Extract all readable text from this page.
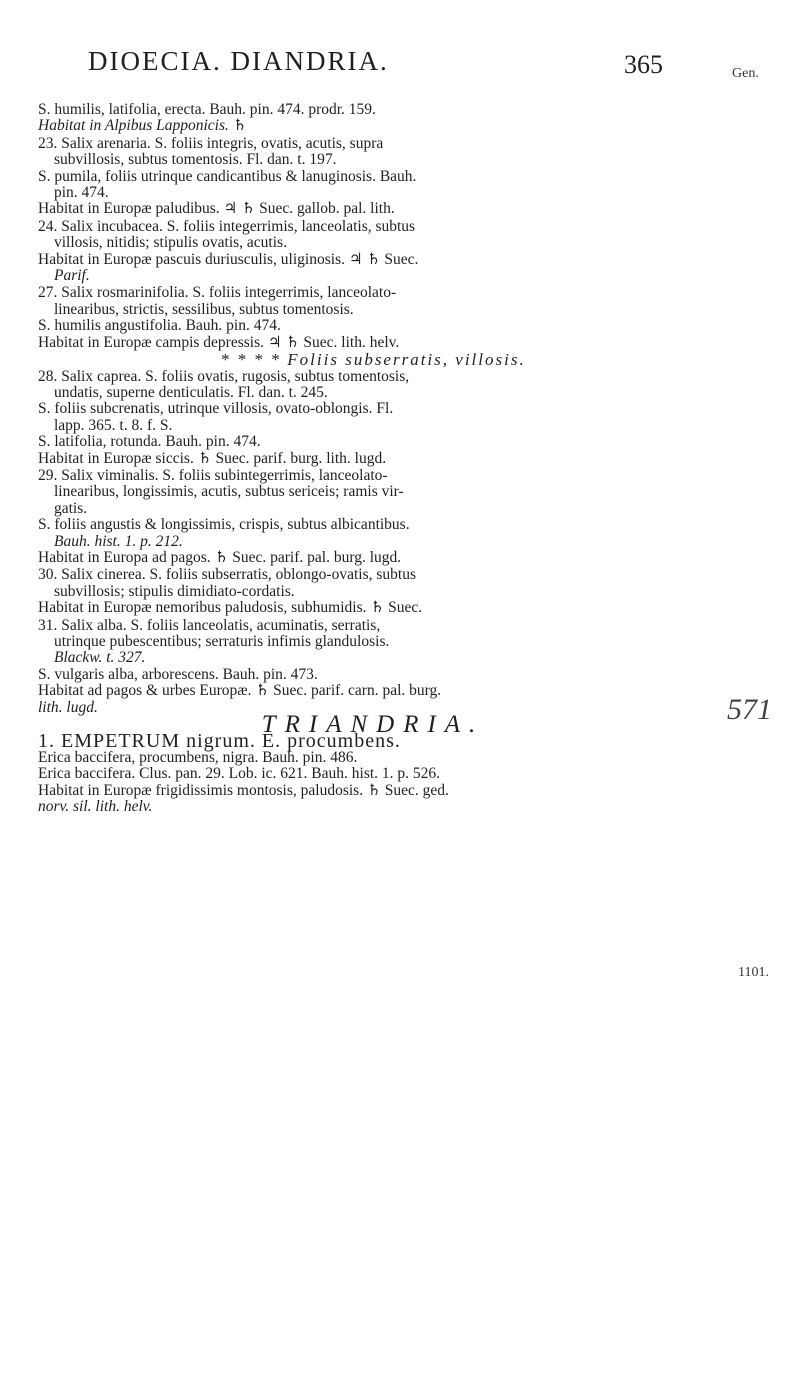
DIOECIA. DIANDRIA.	365	Gen.
571
1101.

S. humilis, latifolia, erecta. Bauh. pin. 474. prodr. 159.

Habitat in Alpibus Lapponicis. ♄

23. Salix arenaria. S. foliis integris, ovatis, acutis, supra

subvillosis, subtus tomentosis. Fl. dan. t. 197.

S. pumila, foliis utrinque candicantibus & lanuginosis. Bauh.

pin. 474.

Habitat in Europæ paludibus. ♃ ♄ Suec. gallob. pal. lith.

24. Salix incubacea. S. foliis integerrimis, lanceolatis, subtus

villosis, nitidis; stipulis ovatis, acutis.

Habitat in Europæ pascuis duriusculis, uliginosis. ♃ ♄ Suec.

Parif.

27. Salix rosmarinifolia. S. foliis integerrimis, lanceolato-

linearibus, strictis, sessilibus, subtus tomentosis.

S. humilis angustifolia. Bauh. pin. 474.

Habitat in Europæ campis depressis. ♃ ♄ Suec. lith. helv.

* * * * Foliis subserratis, villosis.

28. Salix caprea. S. foliis ovatis, rugosis, subtus tomentosis,

undatis, superne denticulatis. Fl. dan. t. 245.

S. foliis subcrenatis, utrinque villosis, ovato-oblongis. Fl.

lapp. 365. t. 8. f. S.

S. latifolia, rotunda. Bauh. pin. 474.

Habitat in Europæ siccis. ♄ Suec. parif. burg. lith. lugd.

29. Salix viminalis. S. foliis subintegerrimis, lanceolato-

linearibus, longissimis, acutis, subtus sericeis; ramis vir-

gatis.

S. foliis angustis & longissimis, crispis, subtus albicantibus.

Bauh. hist. 1. p. 212.

Habitat in Europa ad pagos. ♄ Suec. parif. pal. burg. lugd.

30. Salix cinerea. S. foliis subserratis, oblongo-ovatis, subtus

subvillosis; stipulis dimidiato-cordatis.

Habitat in Europæ nemoribus paludosis, subhumidis. ♄ Suec.

31. Salix alba. S. foliis lanceolatis, acuminatis, serratis,

utrinque pubescentibus; serraturis infimis glandulosis.

Blackw. t. 327.

S. vulgaris alba, arborescens. Bauh. pin. 473.

Habitat ad pagos & urbes Europæ. ♄ Suec. parif. carn. pal. burg.

lith. lugd.

TRIANDRIA.

1. EMPETRUM nigrum. E. procumbens.

Erica baccifera, procumbens, nigra. Bauh. pin. 486.

Erica baccifera. Clus. pan. 29. Lob. ic. 621. Bauh. hist. 1. p. 526.

Habitat in Europæ frigidissimis montosis, paludosis. ♄ Suec. ged.

norv. sil. lith. helv.
